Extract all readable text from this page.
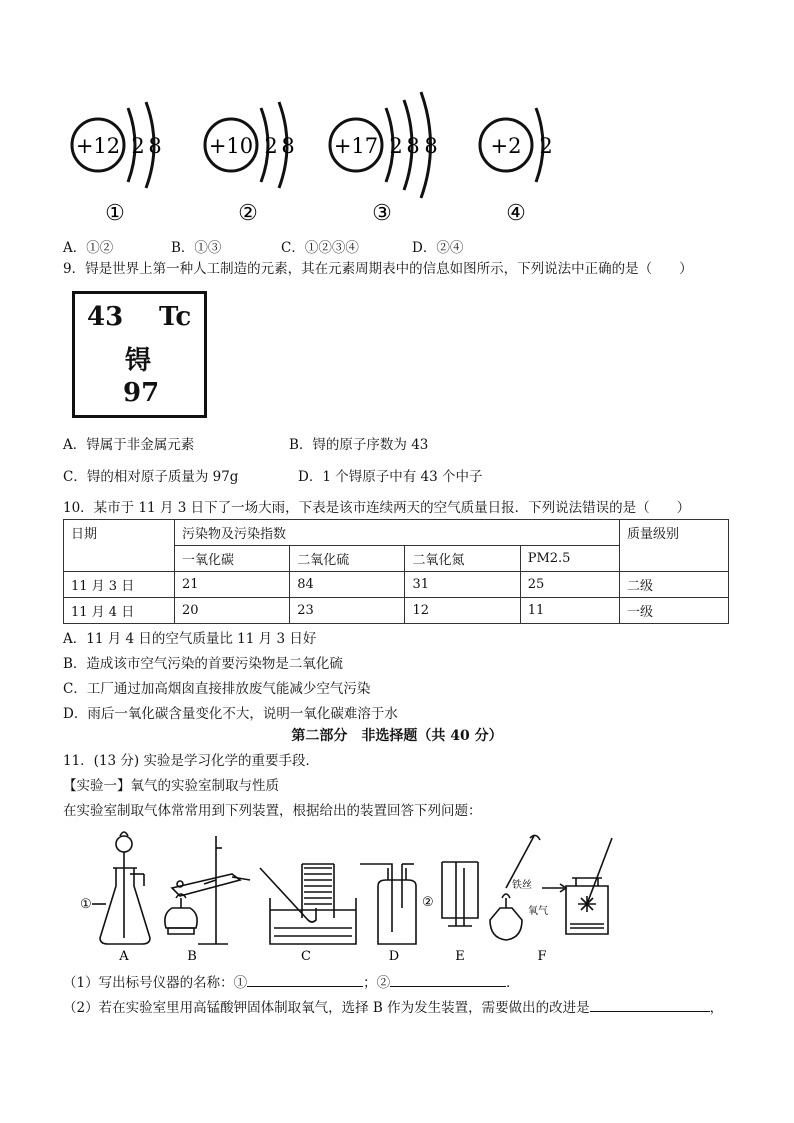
+12 2 8 +10 2 8 +17 2 8 8	+2 2
①	②	③	④
A．①②	B．①③	C．①②③④	D．②④
9．锝是世界上第一种人工制造的元素，其在元素周期表中的信息如图所示，下列说法中正确的是（　　）
43 Tc
锝
97
A．锝属于非金属元素	B．锝的原子序数为 43
C．锝的相对原子质量为 97g	D．1 个锝原子中有 43 个中子
10．某市于 11 月 3 日下了一场大雨，下表是该市连续两天的空气质量日报．下列说法错误的是（　　）
日期	污染物及污染指数				质量级别
	一氧化碳	二氧化硫	二氧化氮	PM2.5	
11 月 3 日	21	84	31	25	二级
11 月 4 日	20	23	12	11	一级
A．11 月 4 日的空气质量比 11 月 3 日好
B．造成该市空气污染的首要污染物是二氧化硫
C．工厂通过加高烟囱直接排放废气能减少空气污染
D．雨后一氧化碳含量变化不大，说明一氧化碳难溶于水
第二部分　非选择题（共 40 分）
11．(13 分) 实验是学习化学的重要手段．
【实验一】氧气的实验室制取与性质
在实验室制取气体常常用到下列装置，根据给出的装置回答下列问题：
①	②
铁丝
氧气
A	B	C	D	E	F
（1）写出标号仪器的名称：①	；②	．
（2）若在实验室里用高锰酸钾固体制取氧气，选择 B 作为发生装置，需要做出的改进是	，
